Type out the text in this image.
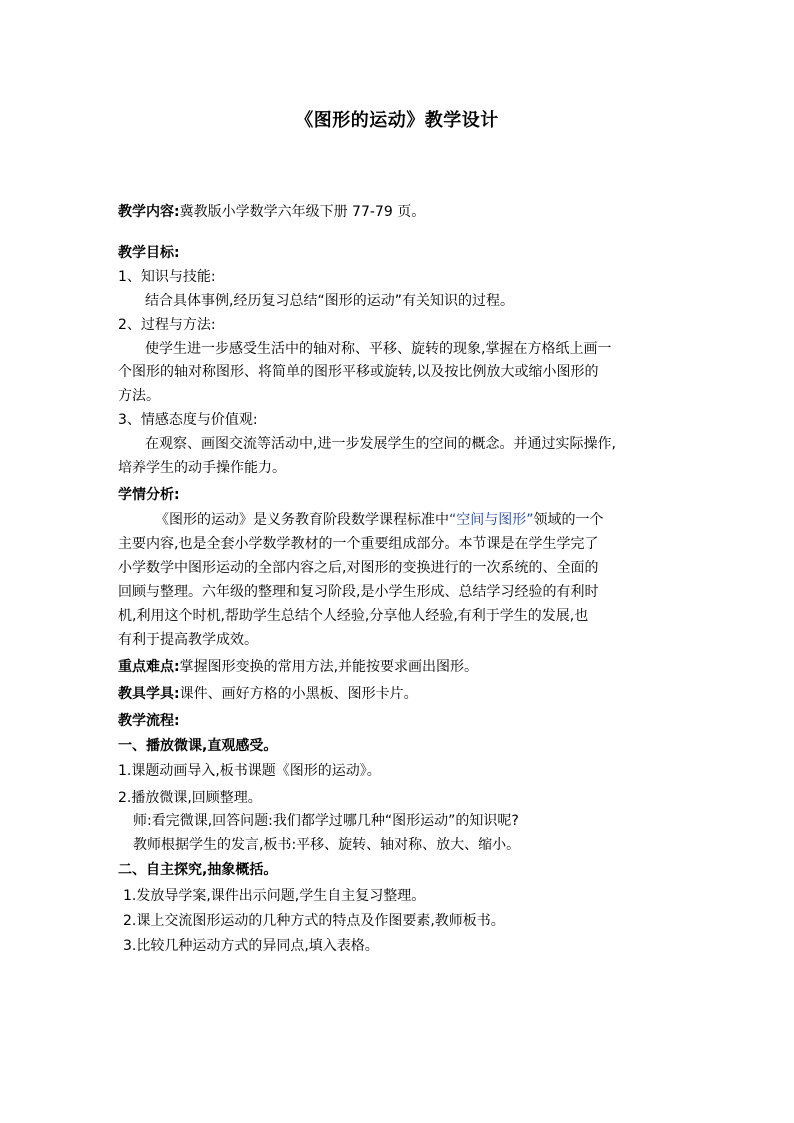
《图形的运动》教学设计
教学内容:冀教版小学数学六年级下册 77-79 页。
教学目标:
1、知识与技能:
结合具体事例,经历复习总结“图形的运动”有关知识的过程。
2、过程与方法:
使学生进一步感受生活中的轴对称、平移、旋转的现象,掌握在方格纸上画一
个图形的轴对称图形、将简单的图形平移或旋转,以及按比例放大或缩小图形的
方法。
3、情感态度与价值观:
在观察、画图交流等活动中,进一步发展学生的空间的概念。并通过实际操作,
培养学生的动手操作能力。
学情分析:
《图形的运动》是义务教育阶段数学课程标准中“空间与图形”领域的一个
主要内容,也是全套小学数学教材的一个重要组成部分。本节课是在学生学完了
小学数学中图形运动的全部内容之后,对图形的变换进行的一次系统的、全面的
回顾与整理。六年级的整理和复习阶段,是小学生形成、总结学习经验的有利时
机,利用这个时机,帮助学生总结个人经验,分享他人经验,有利于学生的发展,也
有利于提高教学成效。
重点难点:掌握图形变换的常用方法,并能按要求画出图形。
教具学具:课件、画好方格的小黑板、图形卡片。
教学流程:
一、播放微课,直观感受。
1.课题动画导入,板书课题《图形的运动》。
2.播放微课,回顾整理。
师:看完微课,回答问题:我们都学过哪几种“图形运动”的知识呢?
教师根据学生的发言,板书:平移、旋转、轴对称、放大、缩小。
二、自主探究,抽象概括。
1.发放导学案,课件出示问题,学生自主复习整理。
2.课上交流图形运动的几种方式的特点及作图要素,教师板书。
3.比较几种运动方式的异同点,填入表格。
